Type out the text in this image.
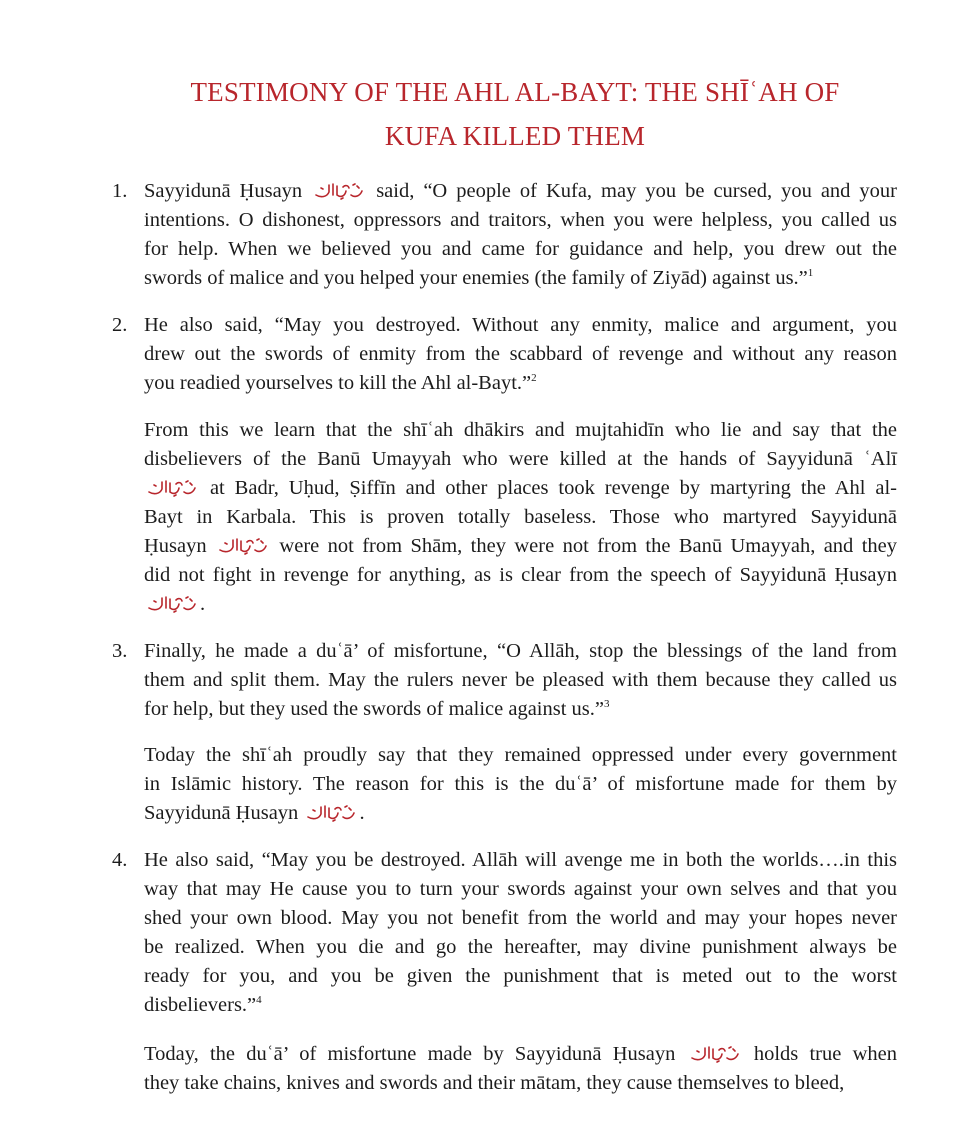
TESTIMONY OF THE AHL AL-BAYT: THE SHĪʿAH OF
KUFA KILLED THEM
1. Sayyidunā Ḥusayn	said, “O people of Kufa, may you be cursed, you and your
intentions. O dishonest, oppressors and traitors, when you were helpless, you called us
for help. When we believed you and came for guidance and help, you drew out the
swords of malice and you helped your enemies (the family of Ziyād) against us.”$^1$
2. He also said, “May you destroyed. Without any enmity, malice and argument, you
drew out the swords of enmity from the scabbard of revenge and without any reason
you readied yourselves to kill the Ahl al-Bayt.”$^2$
From this we learn that the shīʿah dhākirs and mujtahidīn who lie and say that the
disbelievers of the Banū Umayyah who were killed at the hands of Sayyidunā ʿAlī
at Badr, Uḥud, Ṣiffīn and other places took revenge by martyring the Ahl al-
Bayt in Karbala. This is proven totally baseless. Those who martyred Sayyidunā
Ḥusayn	were not from Shām, they were not from the Banū Umayyah, and they
did not fight in revenge for anything, as is clear from the speech of Sayyidunā Ḥusayn
.
3. Finally, he made a duʿā’ of misfortune, “O Allāh, stop the blessings of the land from
them and split them. May the rulers never be pleased with them because they called us
for help, but they used the swords of malice against us.”$^3$
Today the shīʿah proudly say that they remained oppressed under every government
in Islāmic history. The reason for this is the duʿā’ of misfortune made for them by
Sayyidunā Ḥusayn	.
4. He also said, “May you be destroyed. Allāh will avenge me in both the worlds….in this
way that may He cause you to turn your swords against your own selves and that you
shed your own blood. May you not benefit from the world and may your hopes never
be realized. When you die and go the hereafter, may divine punishment always be
ready for you, and you be given the punishment that is meted out to the worst
disbelievers.”$^4$
Today, the duʿā’ of misfortune made by Sayyidunā Ḥusayn	holds true when
they take chains, knives and swords and their mātam, they cause themselves to bleed,
